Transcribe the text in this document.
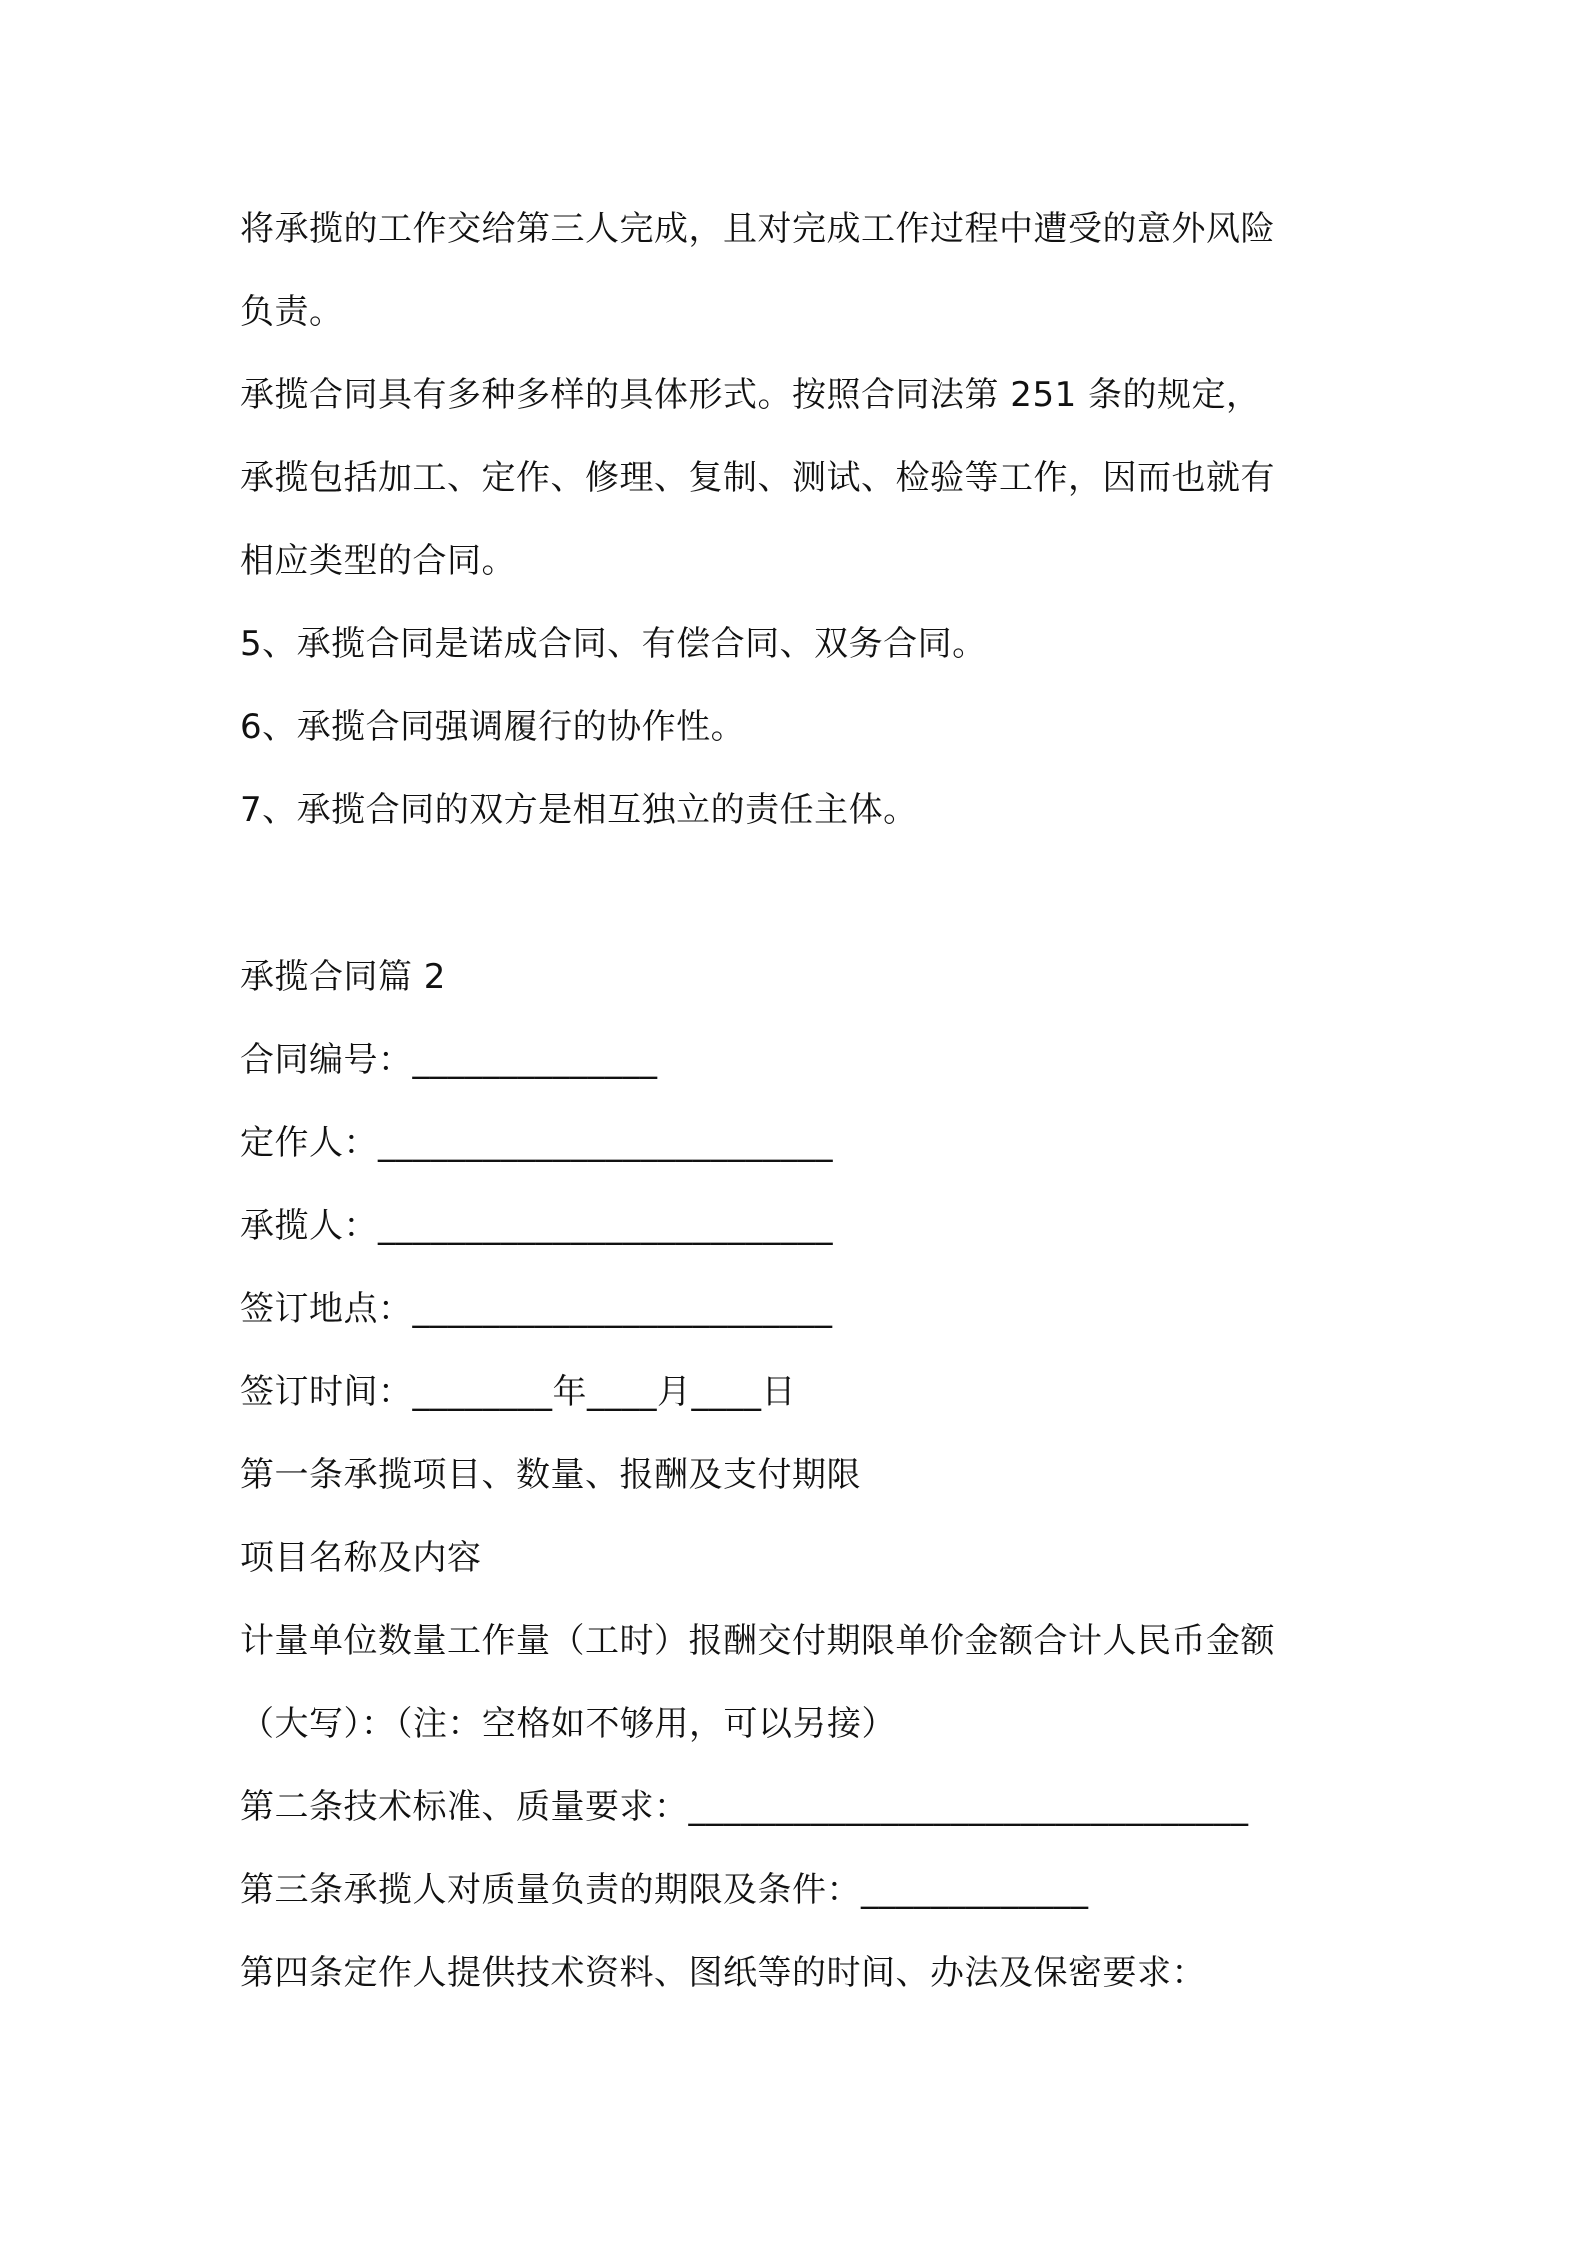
将承揽的工作交给第三人完成，且对完成工作过程中遭受的意外风险
负责。
承揽合同具有多种多样的具体形式。按照合同法第 251 条的规定，
承揽包括加工、定作、修理、复制、测试、检验等工作，因而也就有
相应类型的合同。
5、承揽合同是诺成合同、有偿合同、双务合同。
6、承揽合同强调履行的协作性。
7、承揽合同的双方是相互独立的责任主体。
承揽合同篇 2
合同编号：______________
定作人：__________________________
承揽人：__________________________
签订地点：________________________
签订时间：________年____月____日
第一条承揽项目、数量、报酬及支付期限
项目名称及内容
计量单位数量工作量（工时）报酬交付期限单价金额合计人民币金额
（大写）：（注：空格如不够用，可以另接）
第二条技术标准、质量要求：________________________________
第三条承揽人对质量负责的期限及条件：_____________
第四条定作人提供技术资料、图纸等的时间、办法及保密要求：
